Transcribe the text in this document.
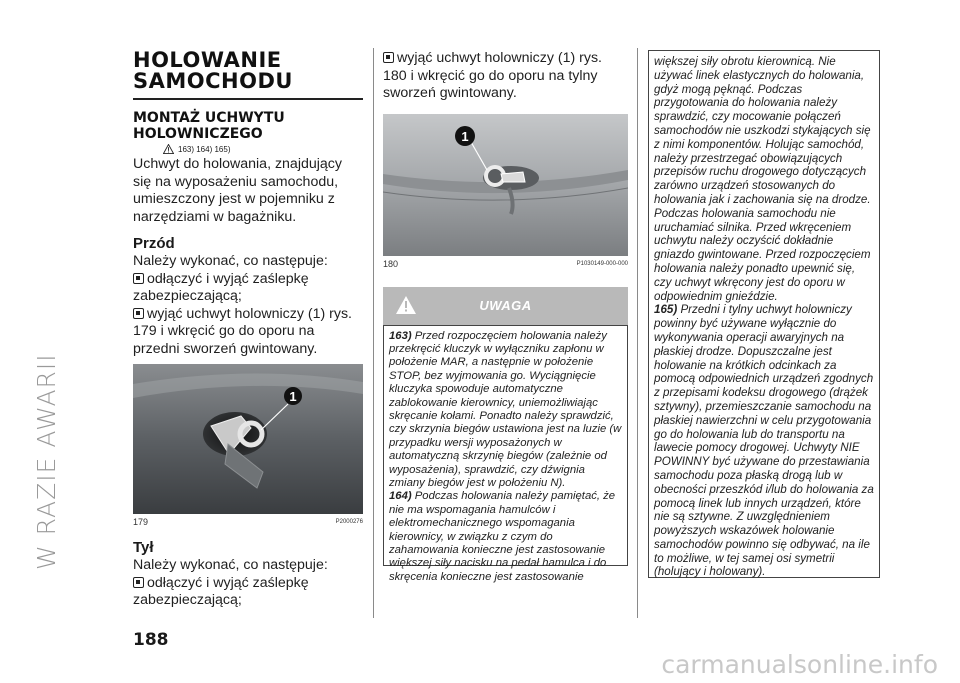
W RAZIE AWARII
HOLOWANIE
SAMOCHODU
MONTAŻ UCHWYTU
HOLOWNICZEGO
163) 164) 165)

Uchwyt do holowania, znajdujący się na wyposażeniu samochodu, umieszczony jest w pojemniku z narzędziami w bagażniku.

Przód

Należy wykonać, co następuje:

odłączyć i wyjąć zaślepkę zabezpieczającą;

wyjąć uchwyt holowniczy (1) rys. 179 i wkręcić go do oporu na przedni sworzeń gwintowany.

1
179	P2000276
Tył

Należy wykonać, co następuje:

odłączyć i wyjąć zaślepkę zabezpieczającą;

wyjąć uchwyt holowniczy (1) rys. 180 i wkręcić go do oporu na tylny sworzeń gwintowany.

1
180	P1030149-000-000
UWAGA

163) Przed rozpoczęciem holowania należy przekręcić kluczyk w wyłączniku zapłonu w położenie MAR, a następnie w położenie STOP, bez wyjmowania go. Wyciągnięcie kluczyka spowoduje automatyczne zablokowanie kierownicy, uniemożliwiając skręcanie kołami. Ponadto należy sprawdzić, czy skrzynia biegów ustawiona jest na luzie (w przypadku wersji wyposażonych w automatyczną skrzynię biegów (zależnie od wyposażenia), sprawdzić, czy dźwignia zmiany biegów jest w położeniu N).

164) Podczas holowania należy pamiętać, że nie ma wspomagania hamulców i elektromechanicznego wspomagania kierownicy, w związku z czym do zahamowania konieczne jest zastosowanie większej siły nacisku na pedał hamulca i do skręcenia konieczne jest zastosowanie

większej siły obrotu kierownicą. Nie używać linek elastycznych do holowania, gdyż mogą pęknąć. Podczas przygotowania do holowania należy sprawdzić, czy mocowanie połączeń samochodów nie uszkodzi stykających się z nimi komponentów. Holując samochód, należy przestrzegać obowiązujących przepisów ruchu drogowego dotyczących zarówno urządzeń stosowanych do holowania jak i zachowania się na drodze. Podczas holowania samochodu nie uruchamiać silnika. Przed wkręceniem uchwytu należy oczyścić dokładnie gniazdo gwintowane. Przed rozpoczęciem holowania należy ponadto upewnić się, czy uchwyt wkręcony jest do oporu w odpowiednim gnieździe.

165) Przedni i tylny uchwyt holowniczy powinny być używane wyłącznie do wykonywania operacji awaryjnych na płaskiej drodze. Dopuszczalne jest holowanie na krótkich odcinkach za pomocą odpowiednich urządzeń zgodnych z przepisami kodeksu drogowego (drążek sztywny), przemieszczanie samochodu na płaskiej nawierzchni w celu przygotowania go do holowania lub do transportu na lawecie pomocy drogowej. Uchwyty NIE POWINNY być używane do przestawiania samochodu poza płaską drogą lub w obecności przeszkód i/lub do holowania za pomocą linek lub innych urządzeń, które nie są sztywne. Z uwzględnieniem powyższych wskazówek holowanie samochodów powinno się odbywać, na ile to możliwe, w tej samej osi symetrii (holujący i holowany).

188
carmanualsonline.info
